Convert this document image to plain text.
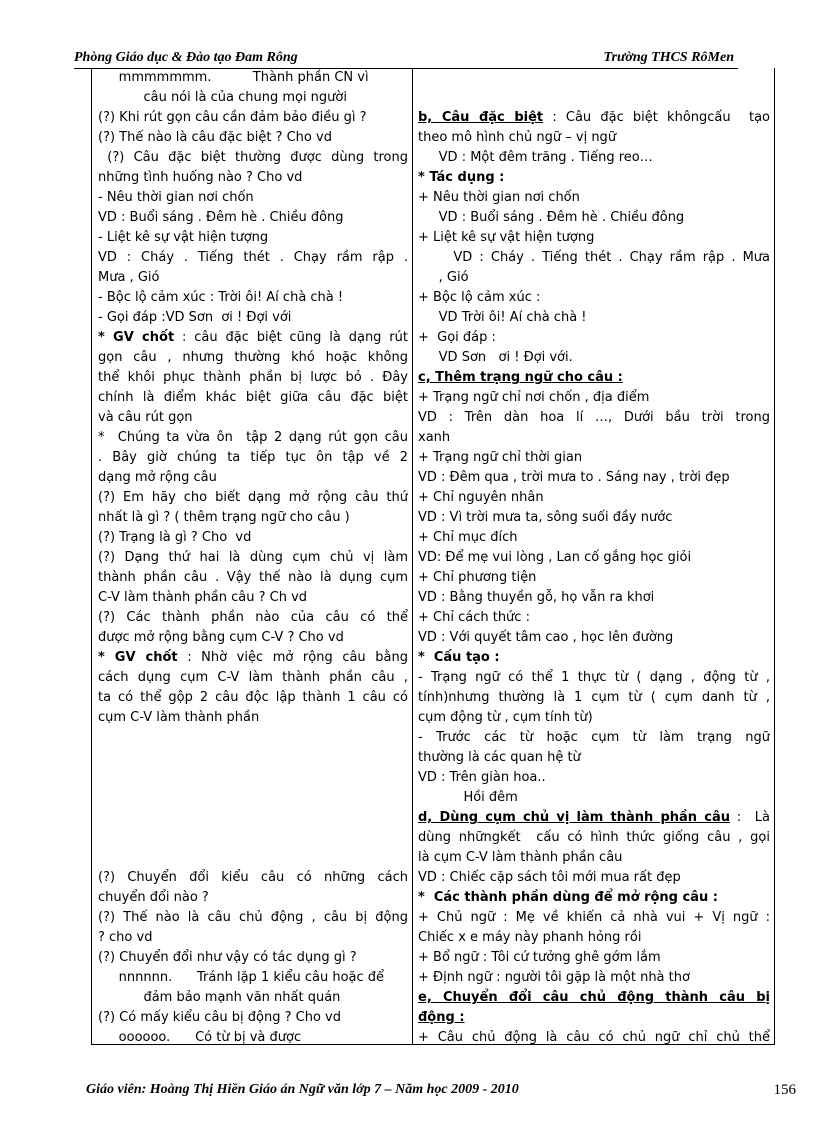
Phòng Giáo dục & Đào tạo Đam Rông	Trường THCS RôMen
mmmmmmm.          Thành phần CN vì
câu nói là của chung mọi người
(?) Khi rút gọn câu cần đảm bảo điều gì ?
(?) Thế nào là câu đặc biệt ? Cho vd
(?) Câu đặc biệt thường được dùng trong
những tình huống nào ? Cho vd
- Nêu thời gian nơi chốn
VD : Buổi sáng . Đêm hè . Chiều đông
- Liệt kê sự vật hiện tượng
VD : Cháy . Tiếng thét . Chạy rầm rập .
Mưa , Gió
- Bộc lộ cảm xúc : Trời ôi! Aí chà chà !
- Gọi đáp :VD Sơn  ơi ! Đợi với
* GV chốt : câu đặc biệt cũng là dạng rút
gọn câu , nhưng thường khó hoặc không
thể khôi phục thành phần bị lược bỏ . Đây
chính là điểm khác biệt giữa câu đặc biệt
và câu rút gọn
*  Chúng ta vừa ôn  tập 2 dạng rút gọn câu
. Bây giờ chúng ta tiếp tục ôn tập về 2
dạng mở rộng câu
(?) Em hãy cho biết dạng mở rộng câu thứ
nhất là gì ? ( thêm trạng ngữ cho câu )
(?) Trạng là gì ? Cho  vd
(?) Dạng thứ hai là dùng cụm chủ vị làm
thành phần câu . Vậy thế nào là dụng cụm
C-V làm thành phần câu ? Ch vd
(?) Các thành phần nào của câu có thể
được mở rộng bằng cụm C-V ? Cho vd
* GV chốt : Nhờ việc mở rộng câu bằng
cách dụng cụm C-V làm thành phần câu ,
ta có thể gộp 2 câu độc lập thành 1 câu có
cụm C-V làm thành phần
(?) Chuyển đổi kiểu câu có những cách
chuyển đổi nào ?
(?) Thế nào là câu chủ động , câu bị động
? cho vd
(?) Chuyển đổi như vậy có tác dụng gì ?
nnnnnn.      Tránh lặp 1 kiểu câu hoặc để
đảm bảo mạnh văn nhất quán
(?) Có mấy kiểu câu bị động ? Cho vd
oooooo.      Có từ bị và được
b, Câu đặc biệt : Câu đặc biệt khôngcấu  tạo
theo mô hình chủ ngữ – vị ngữ
VD : Một đêm trăng . Tiếng reo…
* Tác dụng :
+ Nêu thời gian nơi chốn
VD : Buổi sáng . Đêm hè . Chiều đông
+ Liệt kê sự vật hiện tượng
VD : Cháy . Tiếng thét . Chạy rầm rập . Mưa
, Gió
+ Bộc lộ cảm xúc :
VD Trời ôi! Aí chà chà !
+  Gọi đáp :
VD Sơn   ơi ! Đợi với.
c, Thêm trạng ngữ cho câu :
+ Trạng ngữ chỉ nơi chốn , địa điểm
VD : Trên dàn hoa lí …, Dưới bầu trời trong
xanh
+ Trạng ngữ chỉ thời gian
VD : Đêm qua , trời mưa to . Sáng nay , trời đẹp
+ Chỉ nguyên nhân
VD : Vì trời mưa ta, sông suối đầy nước
+ Chỉ mục đích
VD: Để mẹ vui lòng , Lan cố gắng học giỏi
+ Chỉ phương tiện
VD : Bằng thuyền gỗ, họ vẫn ra khơi
+ Chỉ cách thức :
VD : Với quyết tâm cao , học lên đường
*  Cấu tạo :
- Trạng ngữ có thể 1 thực từ ( dạng , động từ ,
tính)nhưng thường là 1 cụm từ ( cụm danh từ ,
cụm động từ , cụm tính từ)
- Trước các từ hoặc cụm từ làm trạng ngữ
thường là các quan hệ từ
VD : Trên giàn hoa..
Hồi đêm
d, Dùng cụm chủ vị làm thành phần câu :  Là
dùng nhữngkết  cấu có hình thức giống câu , gọi
là cụm C-V làm thành phần câu
VD : Chiếc cặp sách tôi mới mua rất đẹp
*  Các thành phần dùng để mở rộng câu :
+ Chủ ngữ : Mẹ về khiến cả nhà vui + Vị ngữ :
Chiếc x e máy này phanh hỏng rồi
+ Bổ ngữ : Tôi cứ tưởng ghê gớm lắm
+ Định ngữ : người tôi gặp là một nhà thơ
e, Chuyển đổi câu chủ động thành câu bị
động :
+ Câu chủ động là câu có chủ ngữ chỉ chủ thể
Giáo viên: Hoàng Thị Hiền Giáo án Ngữ văn lớp 7 – Năm học 2009 - 2010	156
